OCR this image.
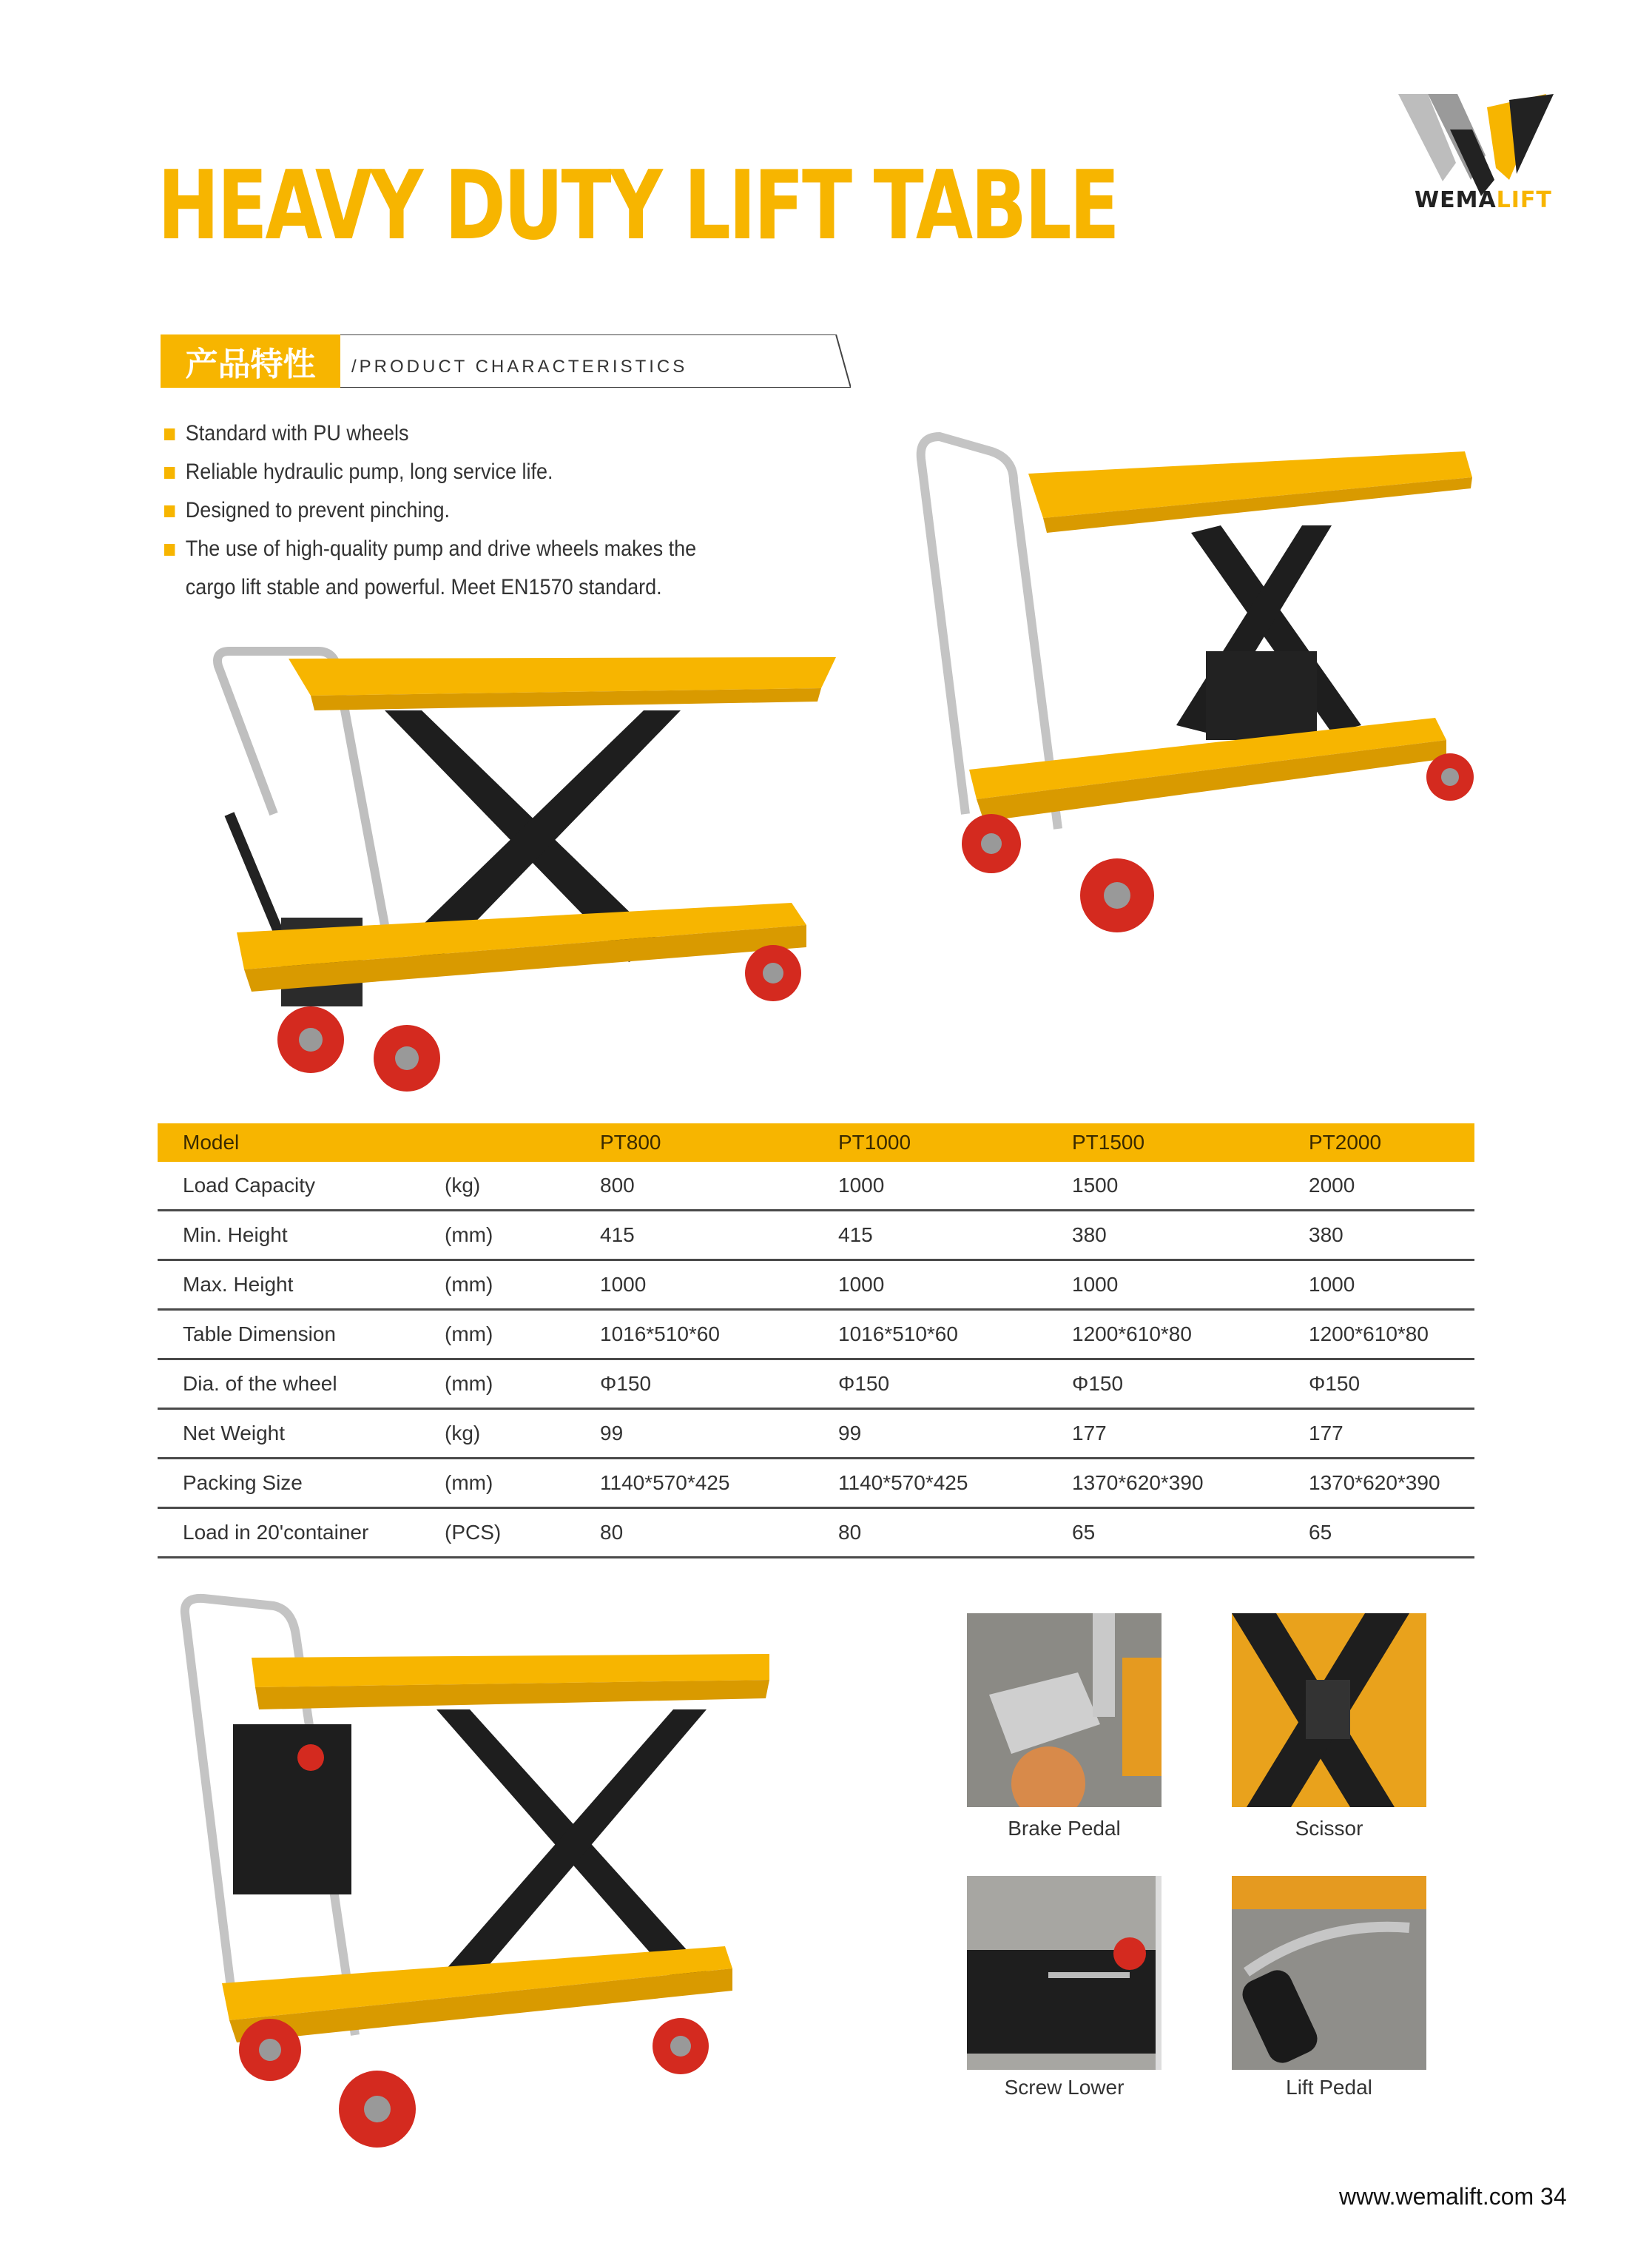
HEAVY DUTY LIFT TABLE	WEMALIFT
产品特性	/PRODUCT CHARACTERISTICS
Standard with PU wheels
Reliable hydraulic pump, long service life.
Designed to prevent pinching.
The use of high-quality pump and drive wheels makes the
cargo lift stable and powerful. Meet EN1570 standard.
Model		PT800	PT1000	PT1500	PT2000
Load Capacity	(kg)	800	1000	1500	2000
Min. Height	(mm)	415	415	380	380
Max. Height	(mm)	1000	1000	1000	1000
Table Dimension	(mm)	1016*510*60	1016*510*60	1200*610*80	1200*610*80
Dia. of the wheel	(mm)	Φ150	Φ150	Φ150	Φ150
Net Weight	(kg)	99	99	177	177
Packing Size	(mm)	1140*570*425	1140*570*425	1370*620*390	1370*620*390
Load in 20'container	(PCS)	80	80	65	65
Brake Pedal	Scissor
Screw Lower	Lift Pedal
www.wemalift.com 34
